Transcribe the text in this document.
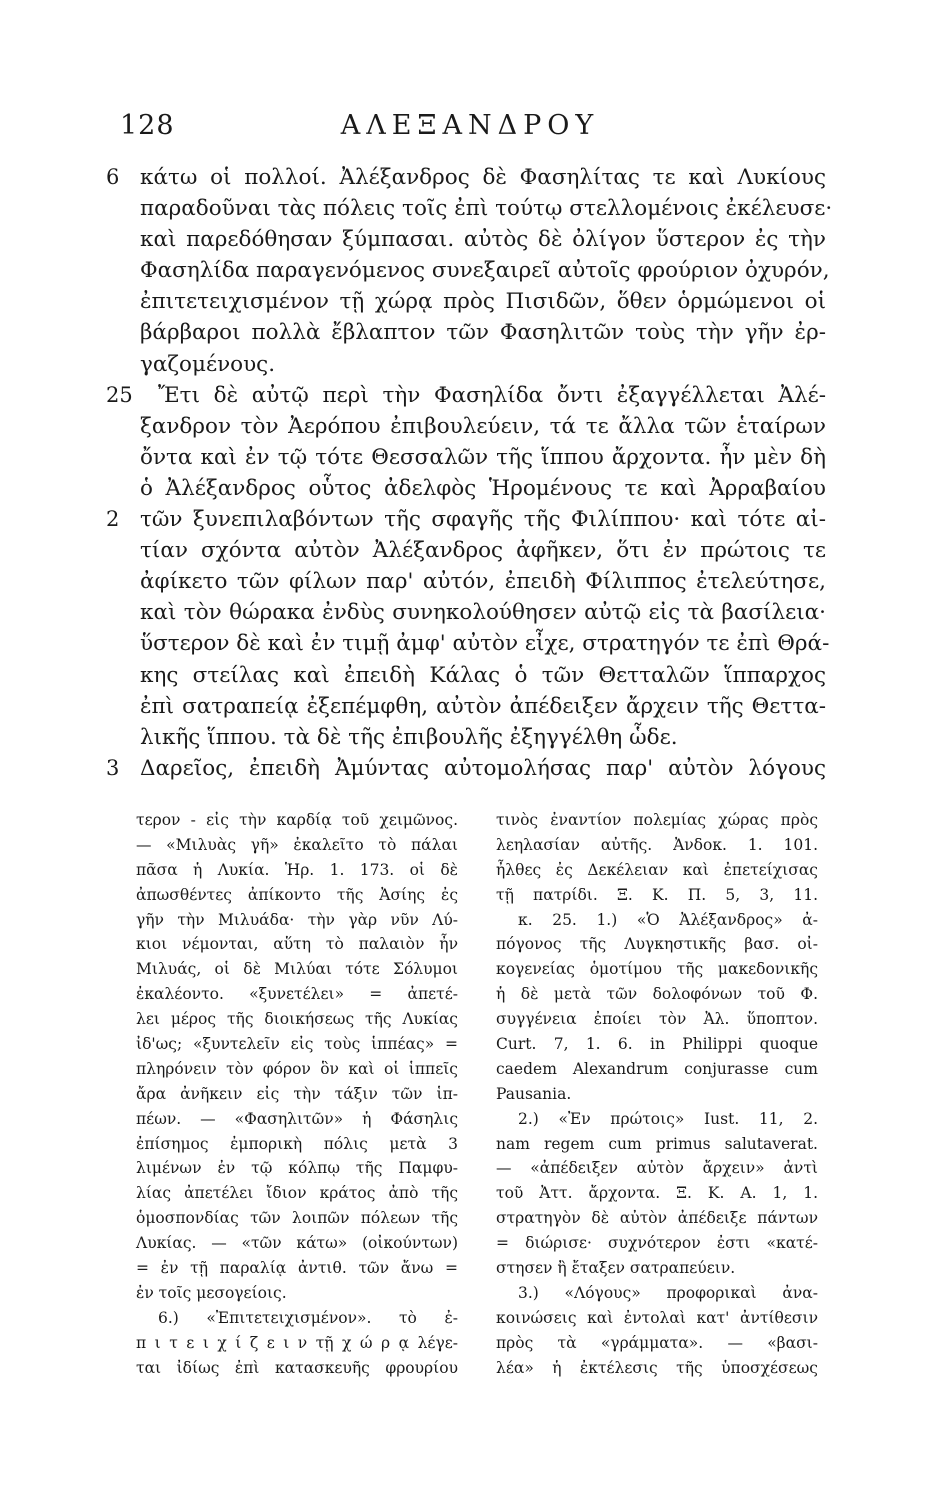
128	ΑΛΕΞΑΝΔΡΟΥ
6 κάτω οἱ πολλοί. Ἀλέξανδρος δὲ Φασηλίτας τε καὶ Λυκίους
παραδοῦναι τὰς πόλεις τοῖς ἐπὶ τούτῳ στελλομένοις ἐκέλευσε·
καὶ παρεδόθησαν ξύμπασαι. αὐτὸς δὲ ὀλίγον ὕστερον ἐς τὴν
Φασηλίδα παραγενόμενος συνεξαιρεῖ αὐτοῖς φρούριον ὀχυρόν,
ἐπιτετειχισμένον τῇ χώρᾳ πρὸς Πισιδῶν, ὅθεν ὁρμώμενοι οἱ
βάρβαροι πολλὰ ἔβλαπτον τῶν Φασηλιτῶν τοὺς τὴν γῆν ἐρ-
γαζομένους.
25 Ἔτι δὲ αὐτῷ περὶ τὴν Φασηλίδα ὄντι ἐξαγγέλλεται Ἀλέ-
ξανδρον τὸν Ἀερόπου ἐπιβουλεύειν, τά τε ἄλλα τῶν ἑταίρων
ὄντα καὶ ἐν τῷ τότε Θεσσαλῶν τῆς ἵππου ἄρχοντα. ἦν μὲν δὴ
ὁ Ἀλέξανδρος οὗτος ἀδελφὸς Ἡρομένους τε καὶ Ἀρραβαίου
2 τῶν ξυνεπιλαβόντων τῆς σφαγῆς τῆς Φιλίππου· καὶ τότε αἰ-
τίαν σχόντα αὐτὸν Ἀλέξανδρος ἀφῆκεν, ὅτι ἐν πρώτοις τε
ἀφίκετο τῶν φίλων παρ' αὐτόν, ἐπειδὴ Φίλιππος ἐτελεύτησε,
καὶ τὸν θώρακα ἐνδὺς συνηκολούθησεν αὐτῷ εἰς τὰ βασίλεια·
ὕστερον δὲ καὶ ἐν τιμῇ ἀμφ' αὐτὸν εἶχε, στρατηγόν τε ἐπὶ Θρά-
κης στείλας καὶ ἐπειδὴ Κάλας ὁ τῶν Θετταλῶν ἵππαρχος
ἐπὶ σατραπείᾳ ἐξεπέμφθη, αὐτὸν ἀπέδειξεν ἄρχειν τῆς Θεττα-
λικῆς ἵππου. τὰ δὲ τῆς ἐπιβουλῆς ἐξηγγέλθη ὧδε.
3 Δαρεῖος, ἐπειδὴ Ἀμύντας αὐτομολήσας παρ' αὐτὸν λόγους
τερον - εἰς τὴν καρδίᾳ τοῦ χειμῶνος.
— «Μιλυὰς γῆ» ἐκαλεῖτο τὸ πάλαι
πᾶσα ἡ Λυκία. Ἡρ. 1. 173. οἱ δὲ
ἀπωσθέντες ἀπίκοντο τῆς Ἀσίης ἐς
γῆν τὴν Μιλυάδα· τὴν γὰρ νῦν Λύ-
κιοι νέμονται, αὕτη τὸ παλαιὸν ἦν
Μιλυάς, οἱ δὲ Μιλύαι τότε Σόλυμοι
ἐκαλέοντο. «ξυνετέλει» = ἀπετέ-
λει μέρος τῆς διοικήσεως τῆς Λυκίας
ἰδ'ως; «ξυντελεῖν εἰς τοὺς ἱππέας» =
πληρόνειν τὸν φόρον ὃν καὶ οἱ ἱππεῖς
ἄρα ἀνῆκειν εἰς τὴν τάξιν τῶν ἱπ-
πέων. — «Φασηλιτῶν» ἡ Φάσηλις
ἐπίσημος ἐμπορικὴ πόλις μετὰ 3
λιμένων ἐν τῷ κόλπῳ τῆς Παμφυ-
λίας ἀπετέλει ἴδιον κράτος ἀπὸ τῆς
ὁμοσπονδίας τῶν λοιπῶν πόλεων τῆς
Λυκίας. — «τῶν κάτω» (οἰκούντων)
= ἐν τῇ παραλίᾳ ἀντιθ. τῶν ἄνω =
ἐν τοῖς μεσογείοις.
6.) «Ἐπιτετειχισμένον». τὸ ἐ-
π ι τ ε ι χ ί ζ ε ι ν τῇ χ ώ ρ ᾳ λέγε-
ται ἰδίως ἐπὶ κατασκευῆς φρουρίου
τινὸς ἐναντίον πολεμίας χώρας πρὸς
λεηλασίαν αὐτῆς. Ἀνδοκ. 1. 101.
ἦλθες ἐς Δεκέλειαν καὶ ἐπετείχισας
τῇ πατρίδι. Ξ. Κ. Π. 5, 3, 11.
κ. 25. 1.) «Ὁ Ἀλέξανδρος» ἀ-
πόγονος τῆς Λυγκηστικῆς βασ. οἰ-
κογενείας ὁμοτίμου τῆς μακεδονικῆς
ἡ δὲ μετὰ τῶν δολοφόνων τοῦ Φ.
συγγένεια ἐποίει τὸν Ἀλ. ὕποπτον.
Curt. 7, 1. 6. in Philippi quoque
caedem Alexandrum conjurasse cum
Pausania.
2.) «Ἐν πρώτοις» Iust. 11, 2.
nam regem cum primus salutaverat.
— «ἀπέδειξεν αὐτὸν ἄρχειν» ἀντὶ
τοῦ Ἀττ. ἄρχοντα. Ξ. Κ. Α. 1, 1.
στρατηγὸν δὲ αὐτὸν ἀπέδειξε πάντων
= διώρισε· συχνότερον ἐστι «κατέ-
στησεν ἢ ἔταξεν σατραπεύειν.
3.) «Λόγους» προφορικαὶ ἀνα-
κοινώσεις καὶ ἐντολαὶ κατ' ἀντίθεσιν
πρὸς τὰ «γράμματα». — «βασι-
λέα» ἡ ἐκτέλεσις τῆς ὑποσχέσεως
